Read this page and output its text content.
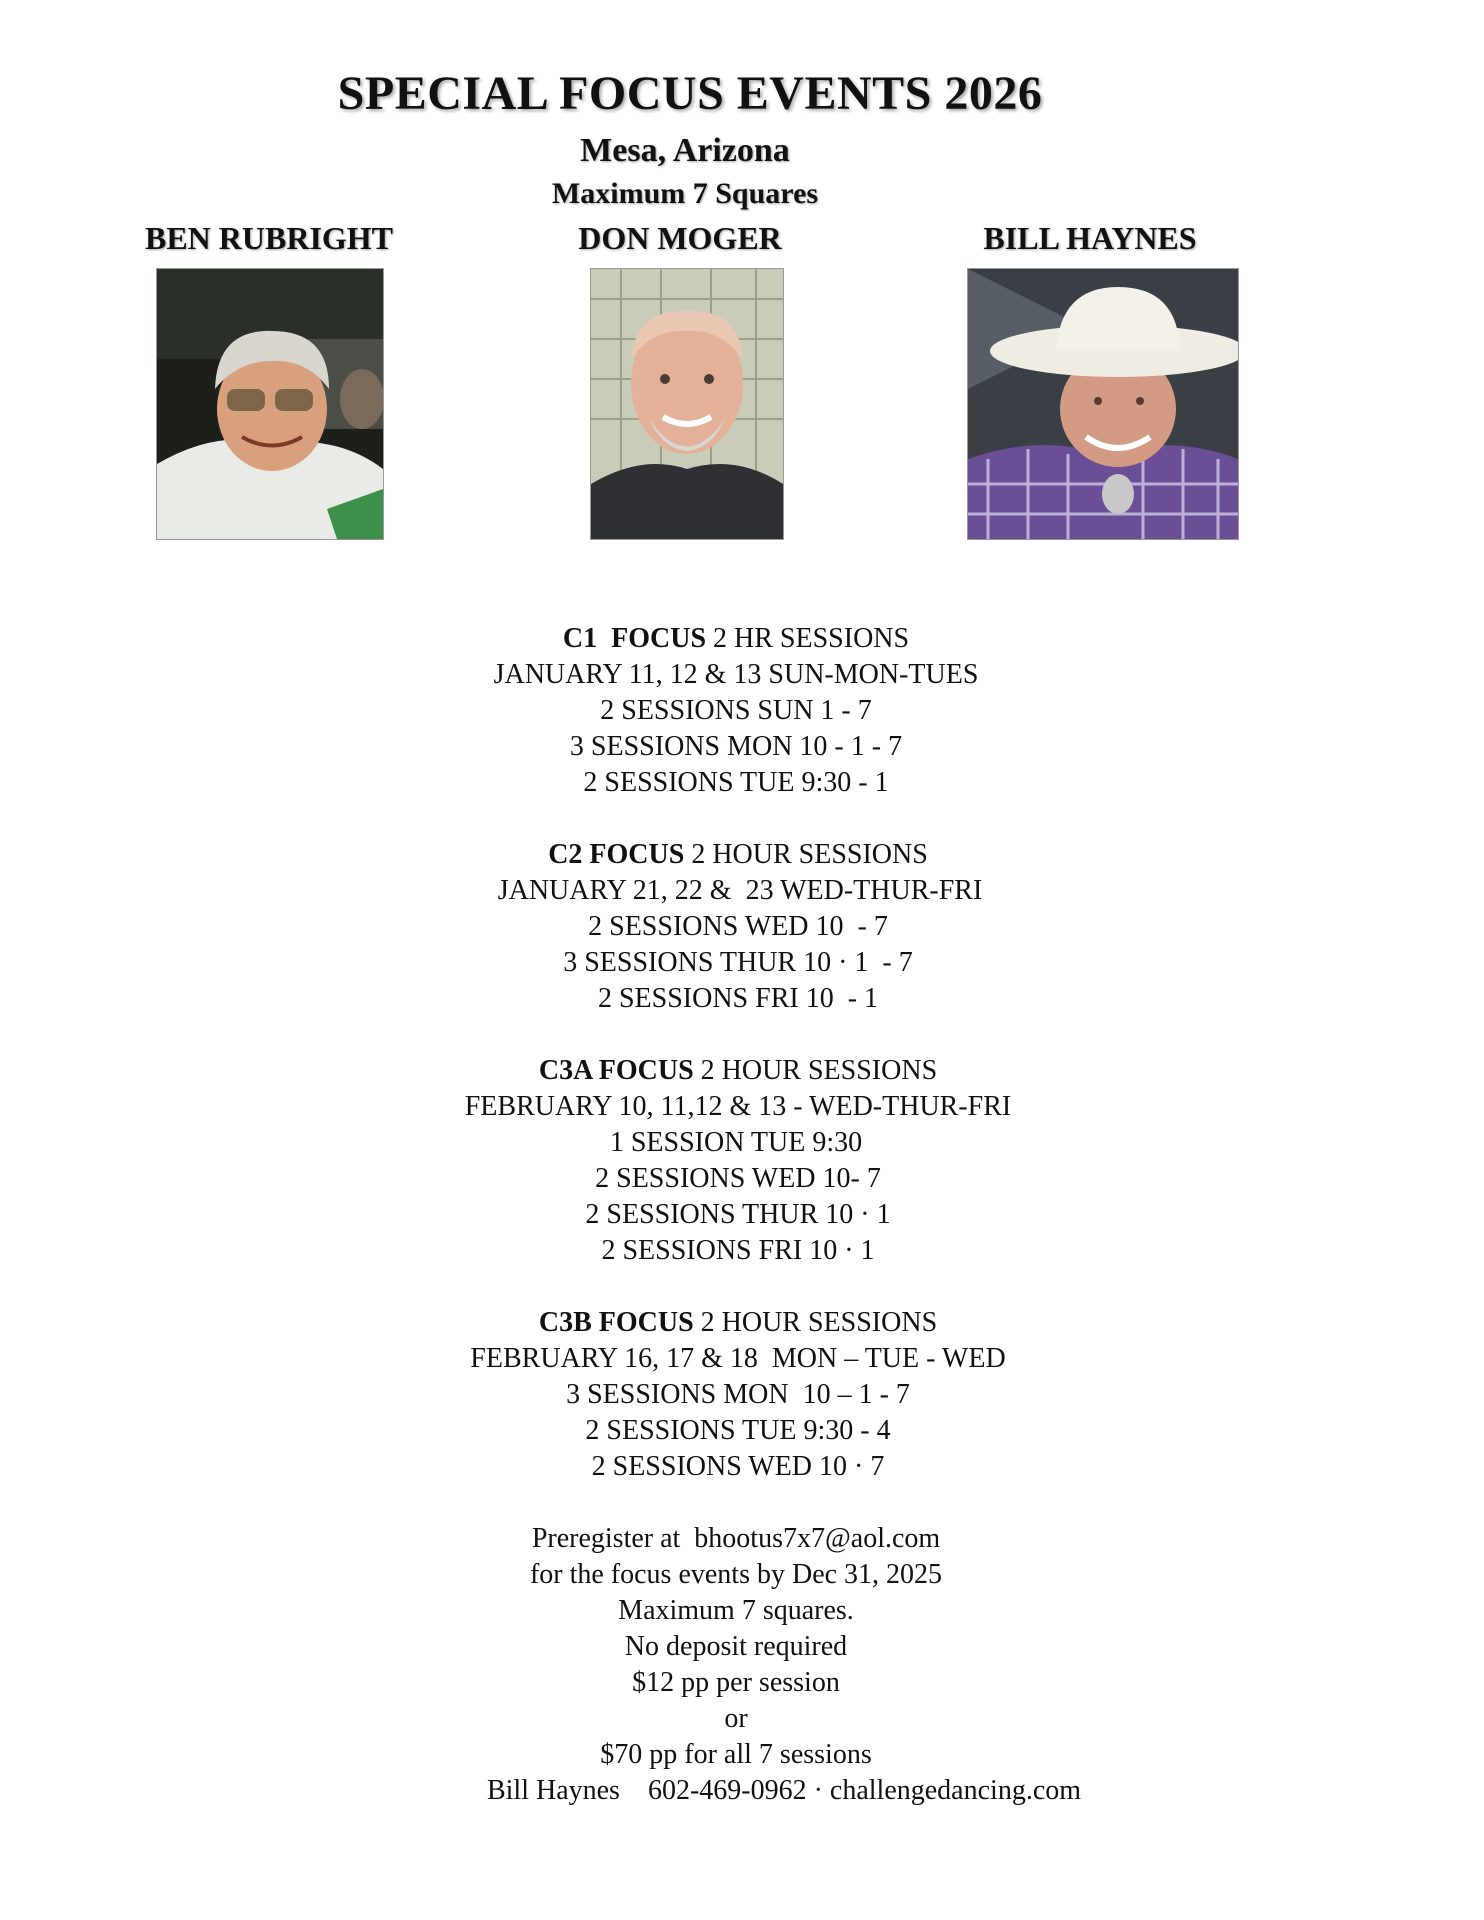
SPECIAL FOCUS EVENTS 2026
Mesa, Arizona
Maximum 7 Squares
BEN RUBRIGHT	DON MOGER	BILL HAYNES
C1  FOCUS 2 HR SESSIONS
JANUARY 11, 12 & 13 SUN-MON-TUES
2 SESSIONS SUN 1 - 7
3 SESSIONS MON 10 - 1 - 7
2 SESSIONS TUE 9:30 - 1
C2 FOCUS 2 HOUR SESSIONS
JANUARY 21, 22 &  23 WED-THUR-FRI
2 SESSIONS WED 10  - 7
3 SESSIONS THUR 10 · 1  - 7
2 SESSIONS FRI 10  - 1
C3A FOCUS 2 HOUR SESSIONS
FEBRUARY 10, 11,12 & 13 - WED-THUR-FRI
1 SESSION TUE 9:30
2 SESSIONS WED 10- 7
2 SESSIONS THUR 10 · 1
2 SESSIONS FRI 10 · 1
C3B FOCUS 2 HOUR SESSIONS
FEBRUARY 16, 17 & 18  MON – TUE - WED
3 SESSIONS MON  10 – 1 - 7
2 SESSIONS TUE 9:30 - 4
2 SESSIONS WED 10 · 7
Preregister at  bhootus7x7@aol.com
for the focus events by Dec 31, 2025
Maximum 7 squares.
No deposit required
$12 pp per session
or
$70 pp for all 7 sessions
Bill Haynes    602-469-0962 · challengedancing.com
